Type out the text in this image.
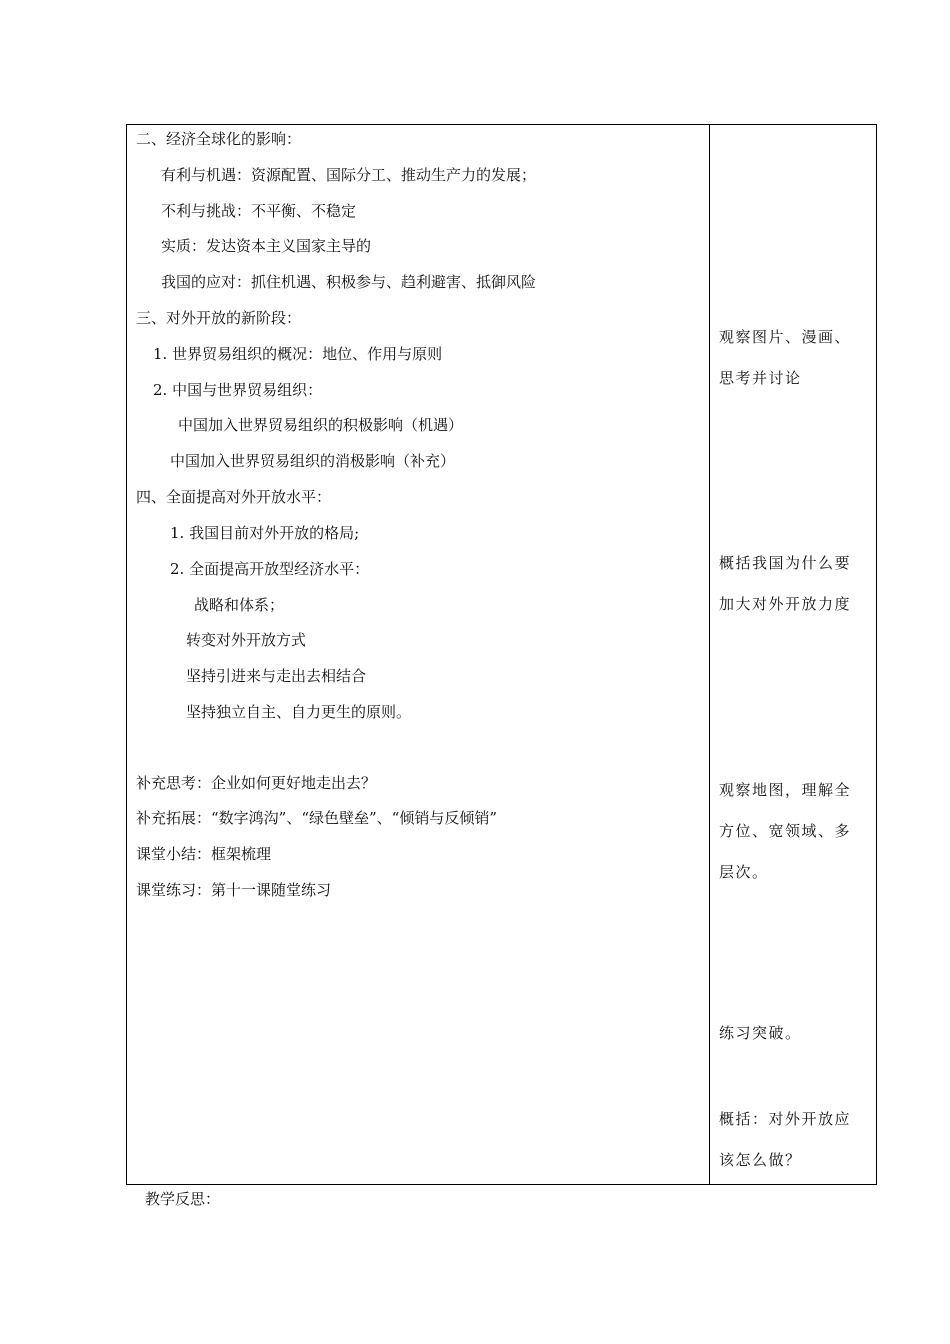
二、经济全球化的影响：
有利与机遇：资源配置、国际分工、推动生产力的发展；
不利与挑战：不平衡、不稳定
实质：发达资本主义国家主导的
我国的应对：抓住机遇、积极参与、趋利避害、抵御风险
三、对外开放的新阶段：
1. 世界贸易组织的概况：地位、作用与原则
2. 中国与世界贸易组织：
中国加入世界贸易组织的积极影响（机遇）
中国加入世界贸易组织的消极影响（补充）
四、全面提高对外开放水平：
1. 我国目前对外开放的格局;
2. 全面提高开放型经济水平：
战略和体系；
转变对外开放方式
坚持引进来与走出去相结合
坚持独立自主、自力更生的原则。
补充思考：企业如何更好地走出去？
补充拓展：“数字鸿沟”、“绿色壁垒”、“倾销与反倾销”
课堂小结：框架梳理
课堂练习：第十一课随堂练习
观察图片、漫画、
思考并讨论
概括我国为什么要
加大对外开放力度
观察地图，理解全
方位、宽领域、多
层次。
练习突破。
概括：对外开放应
该怎么做？
教学反思：
